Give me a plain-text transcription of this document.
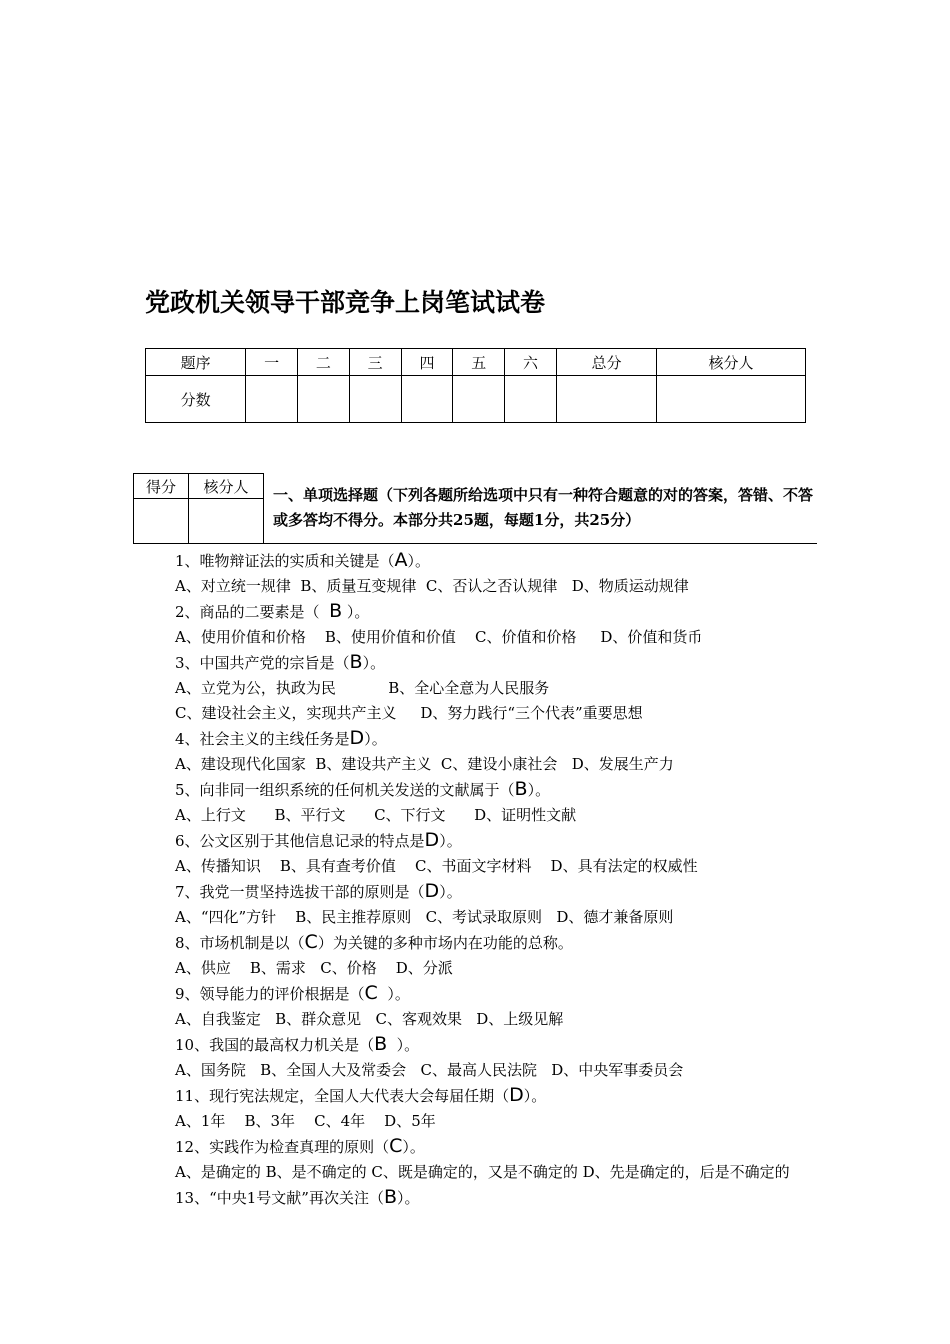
党政机关领导干部竞争上岗笔试试卷
题序	一	二	三	四	五	六	总分	核分人
分数								
得分	核分人
	一、单项选择题（下列各题所给选项中只有一种符合题意的对的答案，答错、不答或多答均不得分。本部分共25题，每题1分，共25分）
1、唯物辩证法的实质和关键是（A）。
A、对立统一规律  B、质量互变规律  C、否认之否认规律   D、物质运动规律
2、商品的二要素是（  B ）。
A、使用价值和价格    B、使用价值和价值    C、价值和价格     D、价值和货币
3、中国共产党的宗旨是（B）。
A、立党为公，执政为民           B、全心全意为人民服务
C、建设社会主义，实现共产主义     D、努力践行“三个代表”重要思想
4、社会主义的主线任务是D）。
A、建设现代化国家  B、建设共产主义  C、建设小康社会   D、发展生产力
5、向非同一组织系统的任何机关发送的文献属于（B）。
A、上行文      B、平行文      C、下行文      D、证明性文献
6、公文区别于其他信息记录的特点是D）。
A、传播知识    B、具有查考价值    C、书面文字材料    D、具有法定的权威性
7、我党一贯坚持选拔干部的原则是（D）。
A、“四化”方针    B、民主推荐原则   C、考试录取原则   D、德才兼备原则
8、市场机制是以（C）为关键的多种市场内在功能的总称。
A、供应    B、需求   C、价格    D、分派
9、领导能力的评价根据是（C  ）。
A、自我鉴定   B、群众意见   C、客观效果   D、上级见解
10、我国的最高权力机关是（B  ）。
A、国务院   B、全国人大及常委会   C、最高人民法院   D、中央军事委员会
11、现行宪法规定，全国人大代表大会每届任期（D）。
A、1年    B、3年    C、4年    D、5年
12、实践作为检查真理的原则（C）。
A、是确定的 B、是不确定的 C、既是确定的，又是不确定的 D、先是确定的，后是不确定的
13、“中央1号文献”再次关注（B）。
